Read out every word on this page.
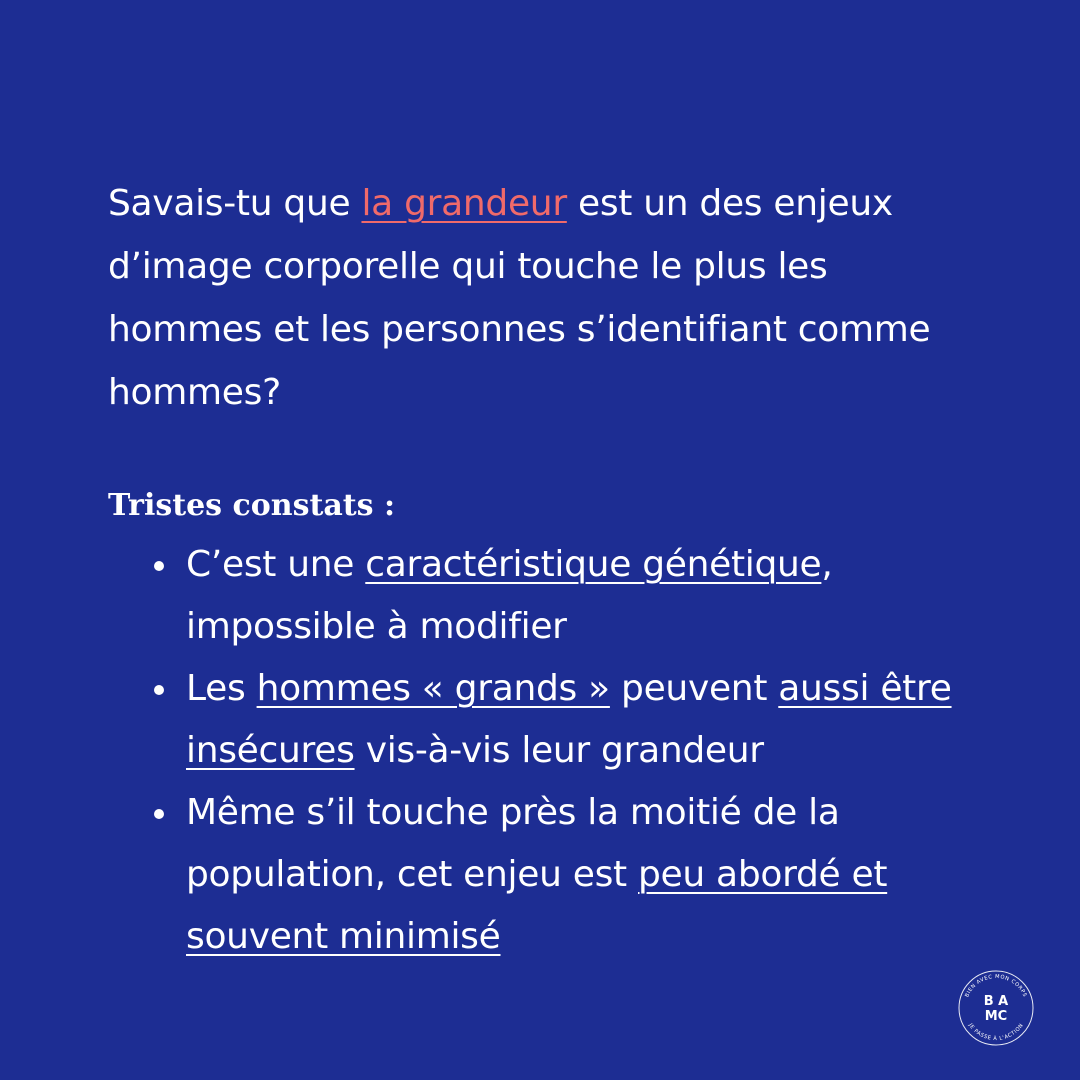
Savais-tu que la grandeur est un des enjeux d’image corporelle qui touche le plus les hommes et les personnes s’identifiant comme hommes?

Tristes constats :
C’est une caractéristique génétique, impossible à modifier
Les hommes « grands » peuvent aussi être insécures vis-à-vis leur grandeur
Même s’il touche près la moitié de la population, cet enjeu est peu abordé et souvent minimisé
BIEN AVEC MON CORPS
JE PASSE À L'ACTION
B A
MC
